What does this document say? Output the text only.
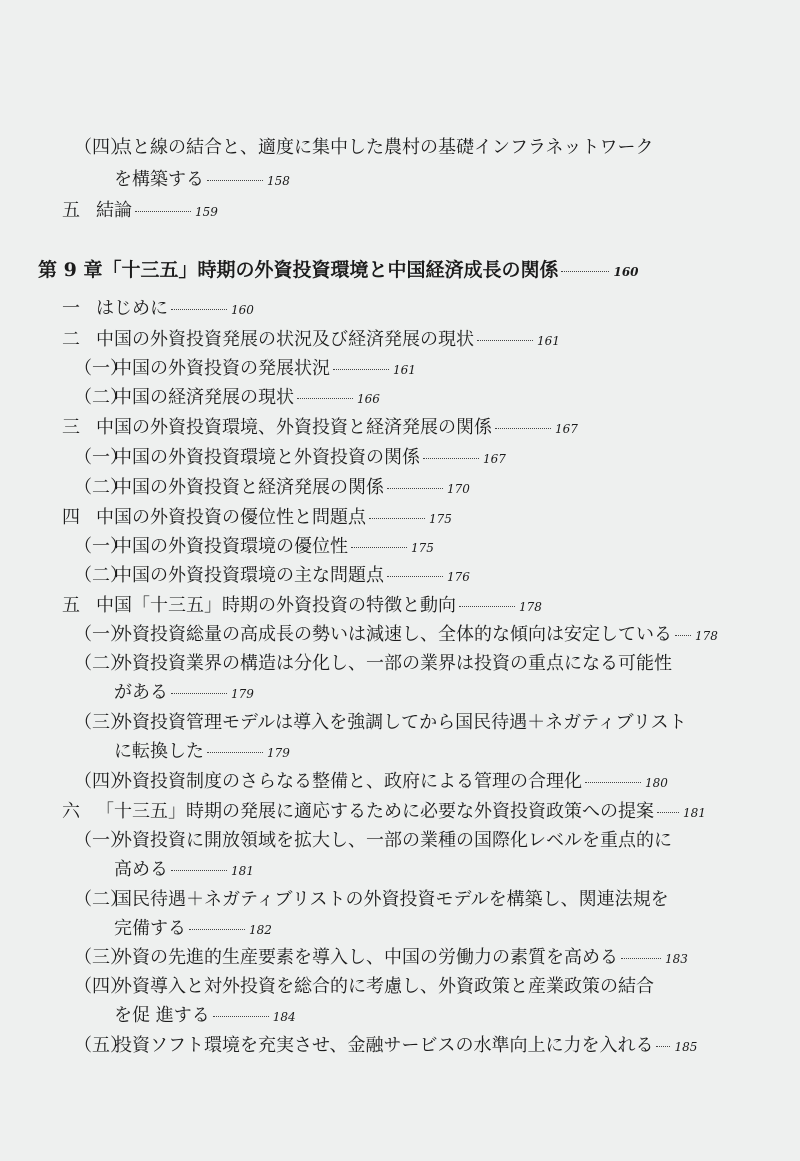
（四）
点と線の結合と、適度に集中した農村の基礎インフラネットワーク
を構築する	158
五 結論	159
第 9 章 「十三五」時期の外資投資環境と中国経済成長の関係	160
一 はじめに	160
二 中国の外資投資発展の状況及び経済発展の現状	161
（一）
中国の外資投資の発展状況	161
（二）
中国の経済発展の現状	166
三 中国の外資投資環境、外資投資と経済発展の関係	167
（一）
中国の外資投資環境と外資投資の関係	167
（二）
中国の外資投資と経済発展の関係	170
四 中国の外資投資の優位性と問題点	175
（一）
中国の外資投資環境の優位性	175
（二）
中国の外資投資環境の主な問題点	176
五 中国「十三五」時期の外資投資の特徴と動向	178
（一）
外資投資総量の高成長の勢いは減速し、全体的な傾向は安定している 178
（二）
外資投資業界の構造は分化し、一部の業界は投資の重点になる可能性
がある	179
（三）
外資投資管理モデルは導入を強調してから国民待遇＋ネガティブリスト
に転換した	179
（四）
外資投資制度のさらなる整備と、政府による管理の合理化	180
六 「十三五」時期の発展に適応するために必要な外資投資政策への提案 181
（一）
外資投資に開放領域を拡大し、一部の業種の国際化レベルを重点的に
高める	181
（二）
国民待遇＋ネガティブリストの外資投資モデルを構築し、関連法規を
完備する	182
（三）
外資の先進的生産要素を導入し、中国の労働力の素質を高める	183
（四）
外資導入と対外投資を総合的に考慮し、外資政策と産業政策の結合
を促 進する	184
（五）
投資ソフト環境を充実させ、金融サービスの水準向上に力を入れる 185
